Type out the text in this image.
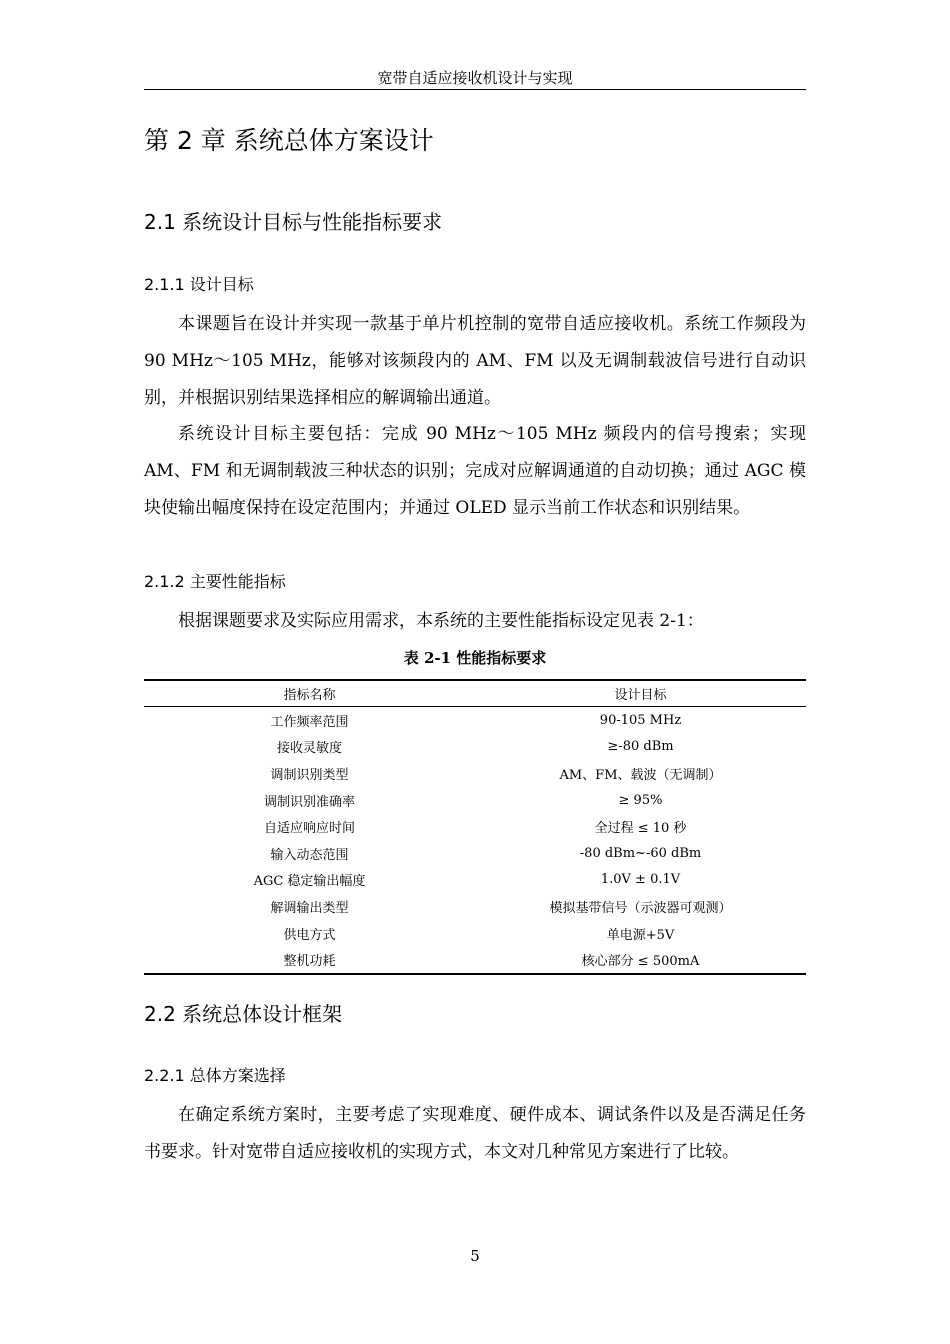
宽带自适应接收机设计与实现
第 2 章 系统总体方案设计
2.1 系统设计目标与性能指标要求
2.1.1 设计目标

本课题旨在设计并实现一款基于单片机控制的宽带自适应接收机。系统工作频段为 90 MHz～105 MHz，能够对该频段内的 AM、FM 以及无调制载波信号进行自动识别，并根据识别结果选择相应的解调输出通道。

系统设计目标主要包括：完成 90 MHz～105 MHz 频段内的信号搜索；实现 AM、FM 和无调制载波三种状态的识别；完成对应解调通道的自动切换；通过 AGC 模块使输出幅度保持在设定范围内；并通过 OLED 显示当前工作状态和识别结果。

2.1.2 主要性能指标

根据课题要求及实际应用需求，本系统的主要性能指标设定见表 2-1：

表 2-1 性能指标要求
指标名称	设计目标
工作频率范围	90-105 MHz
接收灵敏度	≥-80 dBm
调制识别类型	AM、FM、载波（无调制）
调制识别准确率	≥ 95%
自适应响应时间	全过程 ≤ 10 秒
输入动态范围	-80 dBm~-60 dBm
AGC 稳定输出幅度	1.0V ± 0.1V
解调输出类型	模拟基带信号（示波器可观测）
供电方式	单电源+5V
整机功耗	核心部分 ≤ 500mA
2.2 系统总体设计框架
2.2.1 总体方案选择

在确定系统方案时，主要考虑了实现难度、硬件成本、调试条件以及是否满足任务书要求。针对宽带自适应接收机的实现方式，本文对几种常见方案进行了比较。

5
